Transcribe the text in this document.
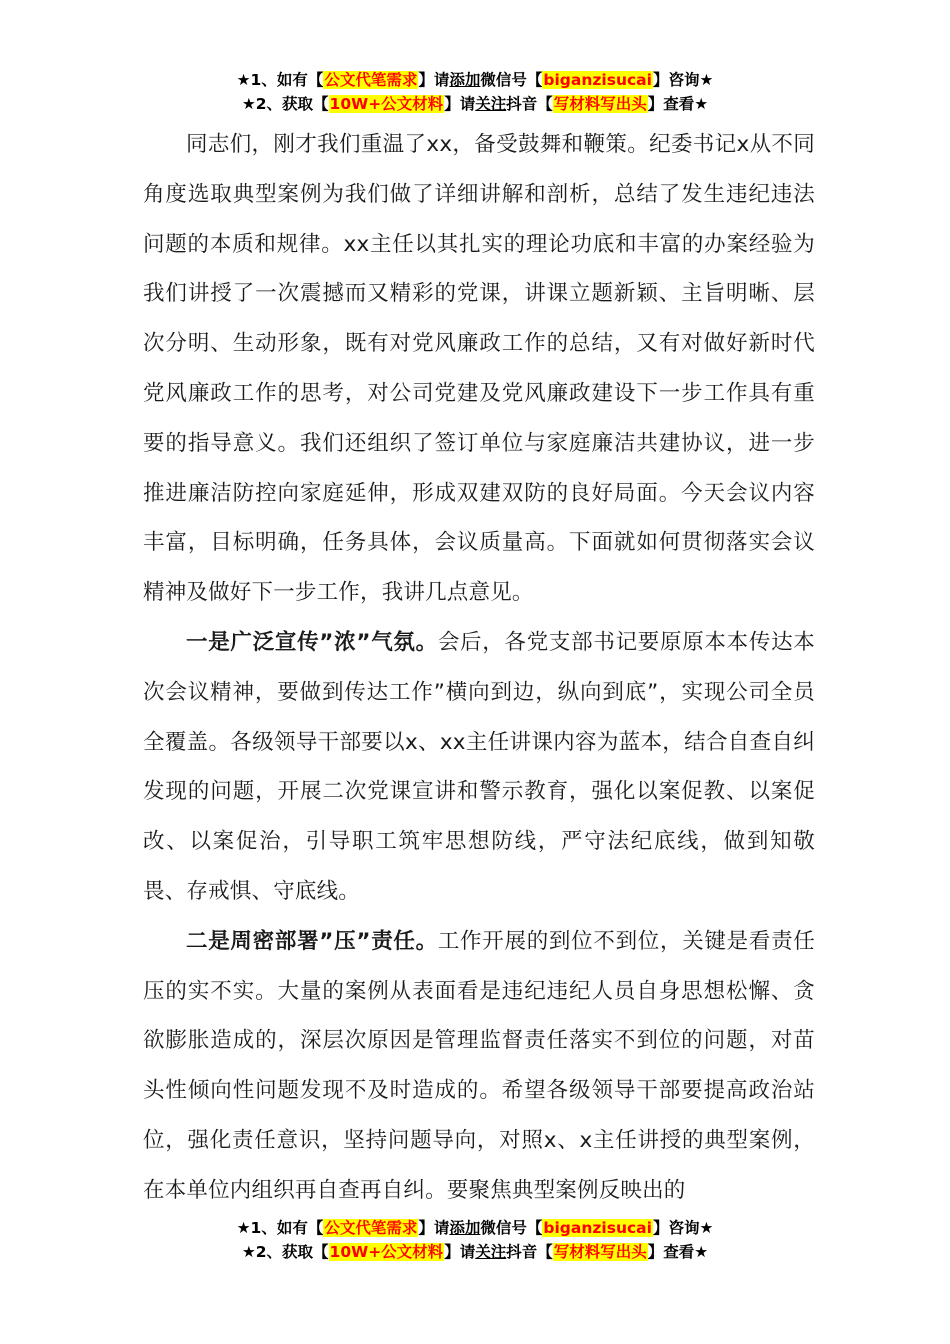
★1、如有【公文代笔需求】请添加微信号【biganzisucai】咨询★
★2、获取【10W+公文材料】请关注抖音【写材料写出头】查看★

同志们，刚才我们重温了xx，备受鼓舞和鞭策。纪委书记x从不同角度选取典型案例为我们做了详细讲解和剖析，总结了发生违纪违法问题的本质和规律。xx主任以其扎实的理论功底和丰富的办案经验为我们讲授了一次震撼而又精彩的党课，讲课立题新颖、主旨明晰、层次分明、生动形象，既有对党风廉政工作的总结，又有对做好新时代党风廉政工作的思考，对公司党建及党风廉政建设下一步工作具有重要的指导意义。我们还组织了签订单位与家庭廉洁共建协议，进一步推进廉洁防控向家庭延伸，形成双建双防的良好局面。今天会议内容丰富，目标明确，任务具体，会议质量高。下面就如何贯彻落实会议精神及做好下一步工作，我讲几点意见。

一是广泛宣传”浓”气氛。会后，各党支部书记要原原本本传达本次会议精神，要做到传达工作”横向到边，纵向到底”，实现公司全员全覆盖。各级领导干部要以x、xx主任讲课内容为蓝本，结合自查自纠发现的问题，开展二次党课宣讲和警示教育，强化以案促教、以案促改、以案促治，引导职工筑牢思想防线，严守法纪底线，做到知敬畏、存戒惧、守底线。

二是周密部署”压”责任。工作开展的到位不到位，关键是看责任压的实不实。大量的案例从表面看是违纪违纪人员自身思想松懈、贪欲膨胀造成的，深层次原因是管理监督责任落实不到位的问题，对苗头性倾向性问题发现不及时造成的。希望各级领导干部要提高政治站位，强化责任意识，坚持问题导向，对照x、x主任讲授的典型案例，在本单位内组织再自查再自纠。要聚焦典型案例反映出的

★1、如有【公文代笔需求】请添加微信号【biganzisucai】咨询★
★2、获取【10W+公文材料】请关注抖音【写材料写出头】查看★
